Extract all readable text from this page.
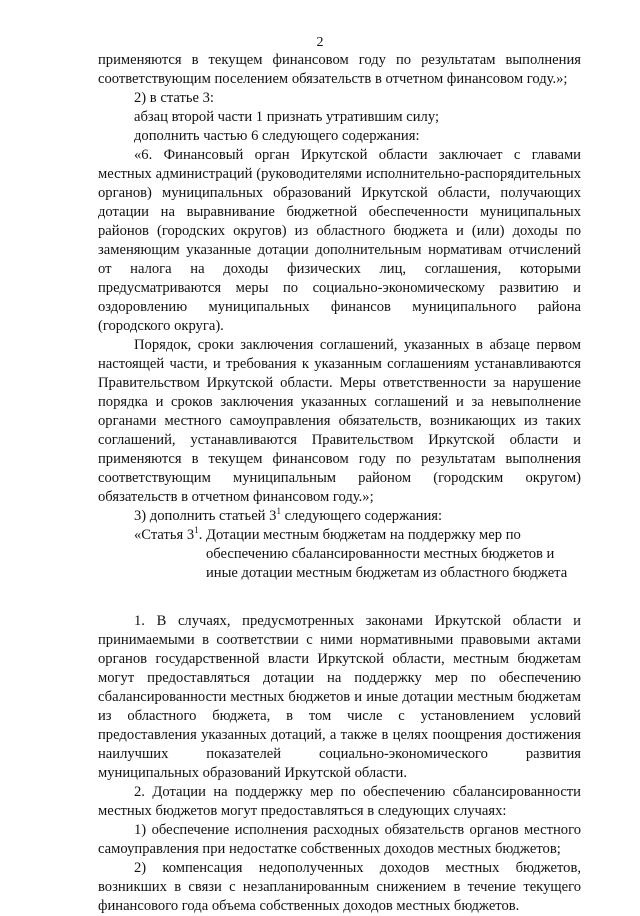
2

применяются в текущем финансовом году по результатам выполнения соответствующим поселением обязательств в отчетном финансовом году.»;

2) в статье 3:

абзац второй части 1 признать утратившим силу;

дополнить частью 6 следующего содержания:

«6. Финансовый орган Иркутской области заключает с главами местных администраций (руководителями исполнительно-распорядительных органов) муниципальных образований Иркутской области, получающих дотации на выравнивание бюджетной обеспеченности муниципальных районов (городских округов) из областного бюджета и (или) доходы по заменяющим указанные дотации дополнительным нормативам отчислений от налога на доходы физических лиц, соглашения, которыми предусматриваются меры по социально-экономическому развитию и оздоровлению муниципальных финансов муниципального района (городского округа).

Порядок, сроки заключения соглашений, указанных в абзаце первом настоящей части, и требования к указанным соглашениям устанавливаются Правительством Иркутской области. Меры ответственности за нарушение порядка и сроков заключения указанных соглашений и за невыполнение органами местного самоуправления обязательств, возникающих из таких соглашений, устанавливаются Правительством Иркутской области и применяются в текущем финансовом году по результатам выполнения соответствующим муниципальным районом (городским округом) обязательств в отчетном финансовом году.»;

3) дополнить статьей $3^1$ следующего содержания:

«Статья $3^1$. Дотации местным бюджетам на поддержку мер по обеспечению сбалансированности местных бюджетов и иные дотации местным бюджетам из областного бюджета

1. В случаях, предусмотренных законами Иркутской области и принимаемыми в соответствии с ними нормативными правовыми актами органов государственной власти Иркутской области, местным бюджетам могут предоставляться дотации на поддержку мер по обеспечению сбалансированности местных бюджетов и иные дотации местным бюджетам из областного бюджета, в том числе с установлением условий предоставления указанных дотаций, а также в целях поощрения достижения наилучших показателей социально-экономического развития муниципальных образований Иркутской области.

2. Дотации на поддержку мер по обеспечению сбалансированности местных бюджетов могут предоставляться в следующих случаях:

1) обеспечение исполнения расходных обязательств органов местного самоуправления при недостатке собственных доходов местных бюджетов;

2) компенсация недополученных доходов местных бюджетов, возникших в связи с незапланированным снижением в течение текущего финансового года объема собственных доходов местных бюджетов.
